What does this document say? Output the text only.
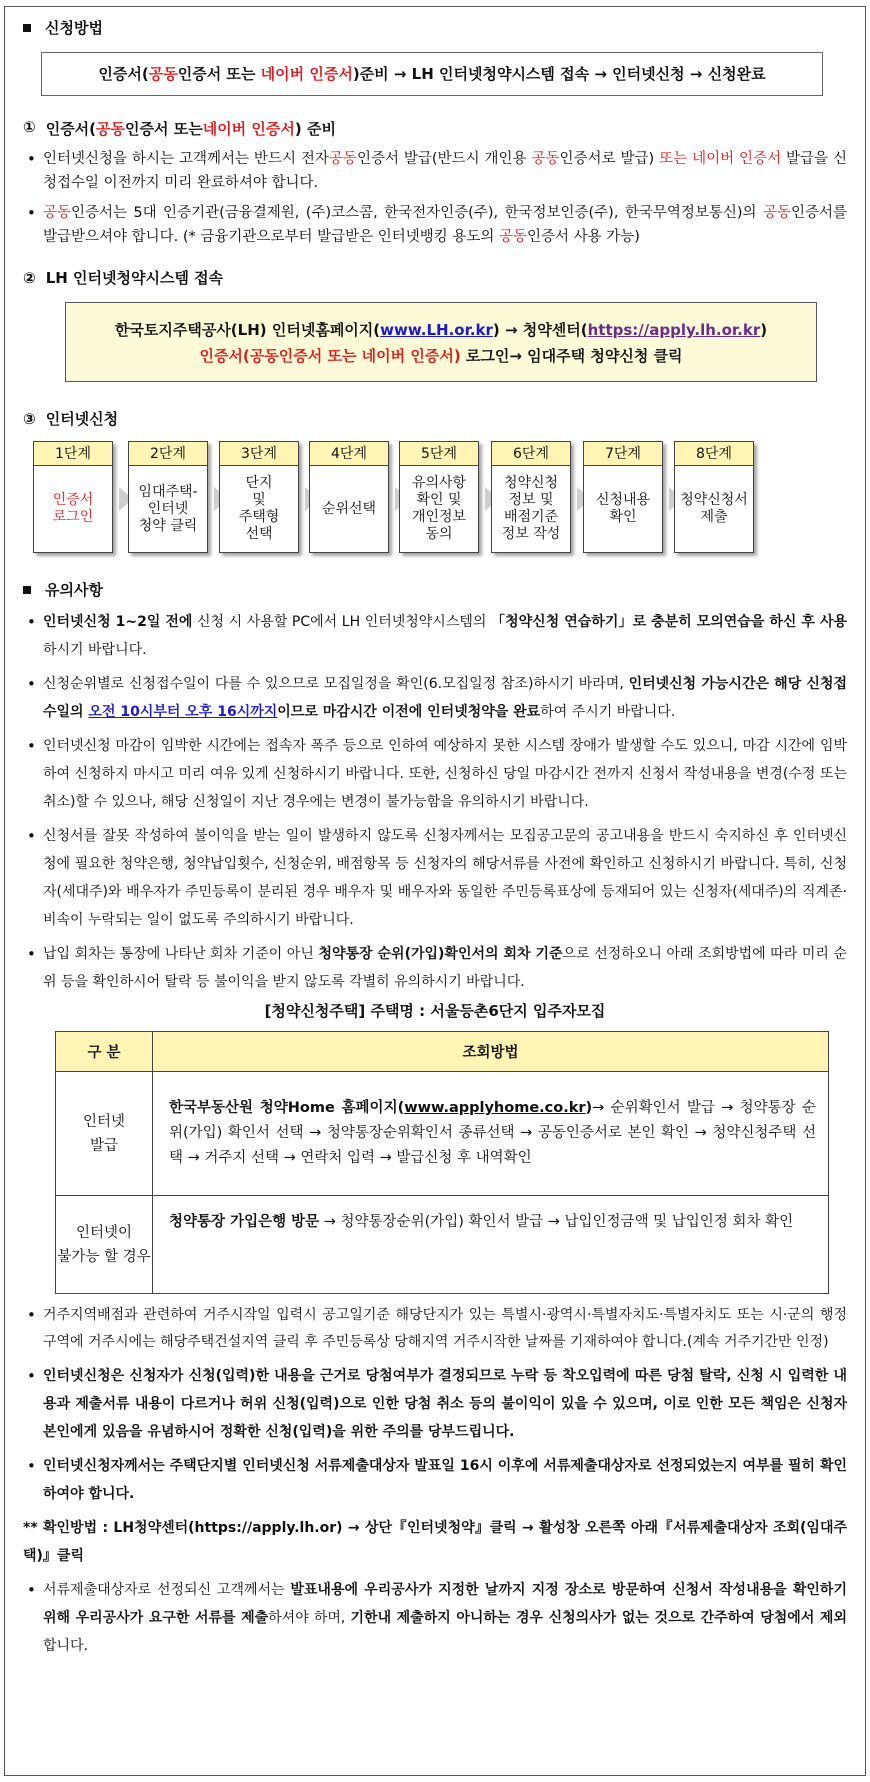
신청방법
인증서(공동인증서 또는 네이버 인증서)준비 → LH 인터넷청약시스템 접속 → 인터넷신청 → 신청완료
① 인증서( 공동 인증서 또는 네이버 인증서 ) 준비
• 인터넷신청을 하시는 고객께서는 반드시 전자공동인증서 발급(반드시 개인용 공동인증서로 발급) 또는 네이버 인증서 발급을 신청접수일 이전까지 미리 완료하셔야 합니다.
• 공동인증서는 5대 인증기관(금융결제원, (주)코스콤, 한국전자인증(주), 한국정보인증(주), 한국무역정보통신)의 공동인증서를 발급받으셔야 합니다. (* 금융기관으로부터 발급받은 인터넷뱅킹 용도의 공동인증서 사용 가능)
② LH 인터넷청약시스템 접속
한국토지주택공사(LH) 인터넷홈페이지(www.LH.or.kr) → 청약센터(https://apply.lh.or.kr)
인증서(공동인증서 또는 네이버 인증서) 로그인→ 임대주택 청약신청 클릭
③ 인터넷신청
1단계
인증서
로그인
2단계
임대주택-
인터넷
청약 클릭
3단계
단지
및
주택형
선택
4단계
순위선택
5단계
유의사항
확인 및
개인정보
동의
6단계
청약신청
정보 및
배점기준
정보 작성
7단계
신청내용
확인
8단계
청약신청서
제출
유의사항
• 인터넷신청 1~2일 전에 신청 시 사용할 PC에서 LH 인터넷청약시스템의 「청약신청 연습하기」로 충분히 모의연습을 하신 후 사용하시기 바랍니다.
• 신청순위별로 신청접수일이 다를 수 있으므로 모집일정을 확인(6.모집일정 참조)하시기 바라며, 인터넷신청 가능시간은 해당 신청접수일의 오전 10시부터 오후 16시까지이므로 마감시간 이전에 인터넷청약을 완료하여 주시기 바랍니다.
• 인터넷신청 마감이 임박한 시간에는 접속자 폭주 등으로 인하여 예상하지 못한 시스템 장애가 발생할 수도 있으니, 마감 시간에 임박하여 신청하지 마시고 미리 여유 있게 신청하시기 바랍니다. 또한, 신청하신 당일 마감시간 전까지 신청서 작성내용을 변경(수정 또는 취소)할 수 있으나, 해당 신청일이 지난 경우에는 변경이 불가능함을 유의하시기 바랍니다.
• 신청서를 잘못 작성하여 불이익을 받는 일이 발생하지 않도록 신청자께서는 모집공고문의 공고내용을 반드시 숙지하신 후 인터넷신청에 필요한 청약은행, 청약납입횟수, 신청순위, 배점항목 등 신청자의 해당서류를 사전에 확인하고 신청하시기 바랍니다. 특히, 신청자(세대주)와 배우자가 주민등록이 분리된 경우 배우자 및 배우자와 동일한 주민등록표상에 등재되어 있는 신청자(세대주)의 직계존·비속이 누락되는 일이 없도록 주의하시기 바랍니다.
• 납입 회차는 통장에 나타난 회차 기준이 아닌 청약통장 순위(가입)확인서의 회차 기준으로 선정하오니 아래 조회방법에 따라 미리 순위 등을 확인하시어 탈락 등 불이익을 받지 않도록 각별히 유의하시기 바랍니다.
[청약신청주택] 주택명 : 서울등촌6단지 입주자모집
구 분	조회방법
인터넷
발급	한국부동산원 청약Home 홈페이지(www.applyhome.co.kr)→ 순위확인서 발급 → 청약통장 순위(가입) 확인서 선택 → 청약통장순위확인서 종류선택 → 공동인증서로 본인 확인 → 청약신청주택 선택 → 거주지 선택 → 연락처 입력 → 발급신청 후 내역확인
인터넷이
불가능 할 경우	청약통장 가입은행 방문 → 청약통장순위(가입) 확인서 발급 → 납입인정금액 및 납입인정 회차 확인
• 거주지역배점과 관련하여 거주시작일 입력시 공고일기준 해당단지가 있는 특별시·광역시·특별자치도·특별자치도 또는 시·군의 행정구역에 거주시에는 해당주택건설지역 클릭 후 주민등록상 당해지역 거주시작한 날짜를 기재하여야 합니다.(계속 거주기간만 인정)
• 인터넷신청은 신청자가 신청(입력)한 내용을 근거로 당첨여부가 결정되므로 누락 등 착오입력에 따른 당첨 탈락, 신청 시 입력한 내용과 제출서류 내용이 다르거나 허위 신청(입력)으로 인한 당첨 취소 등의 불이익이 있을 수 있으며, 이로 인한 모든 책임은 신청자 본인에게 있음을 유념하시어 정확한 신청(입력)을 위한 주의를 당부드립니다.
• 인터넷신청자께서는 주택단지별 인터넷신청 서류제출대상자 발표일 16시 이후에 서류제출대상자로 선정되었는지 여부를 필히 확인하여야 합니다.
** 확인방법 : LH청약센터(https://apply.lh.or) → 상단『인터넷청약』클릭 → 활성창 오른쪽 아래『서류제출대상자 조회(임대주택)』클릭
• 서류제출대상자로 선정되신 고객께서는 발표내용에 우리공사가 지정한 날까지 지정 장소로 방문하여 신청서 작성내용을 확인하기 위해 우리공사가 요구한 서류를 제출하셔야 하며, 기한내 제출하지 아니하는 경우 신청의사가 없는 것으로 간주하여 당첨에서 제외합니다.
